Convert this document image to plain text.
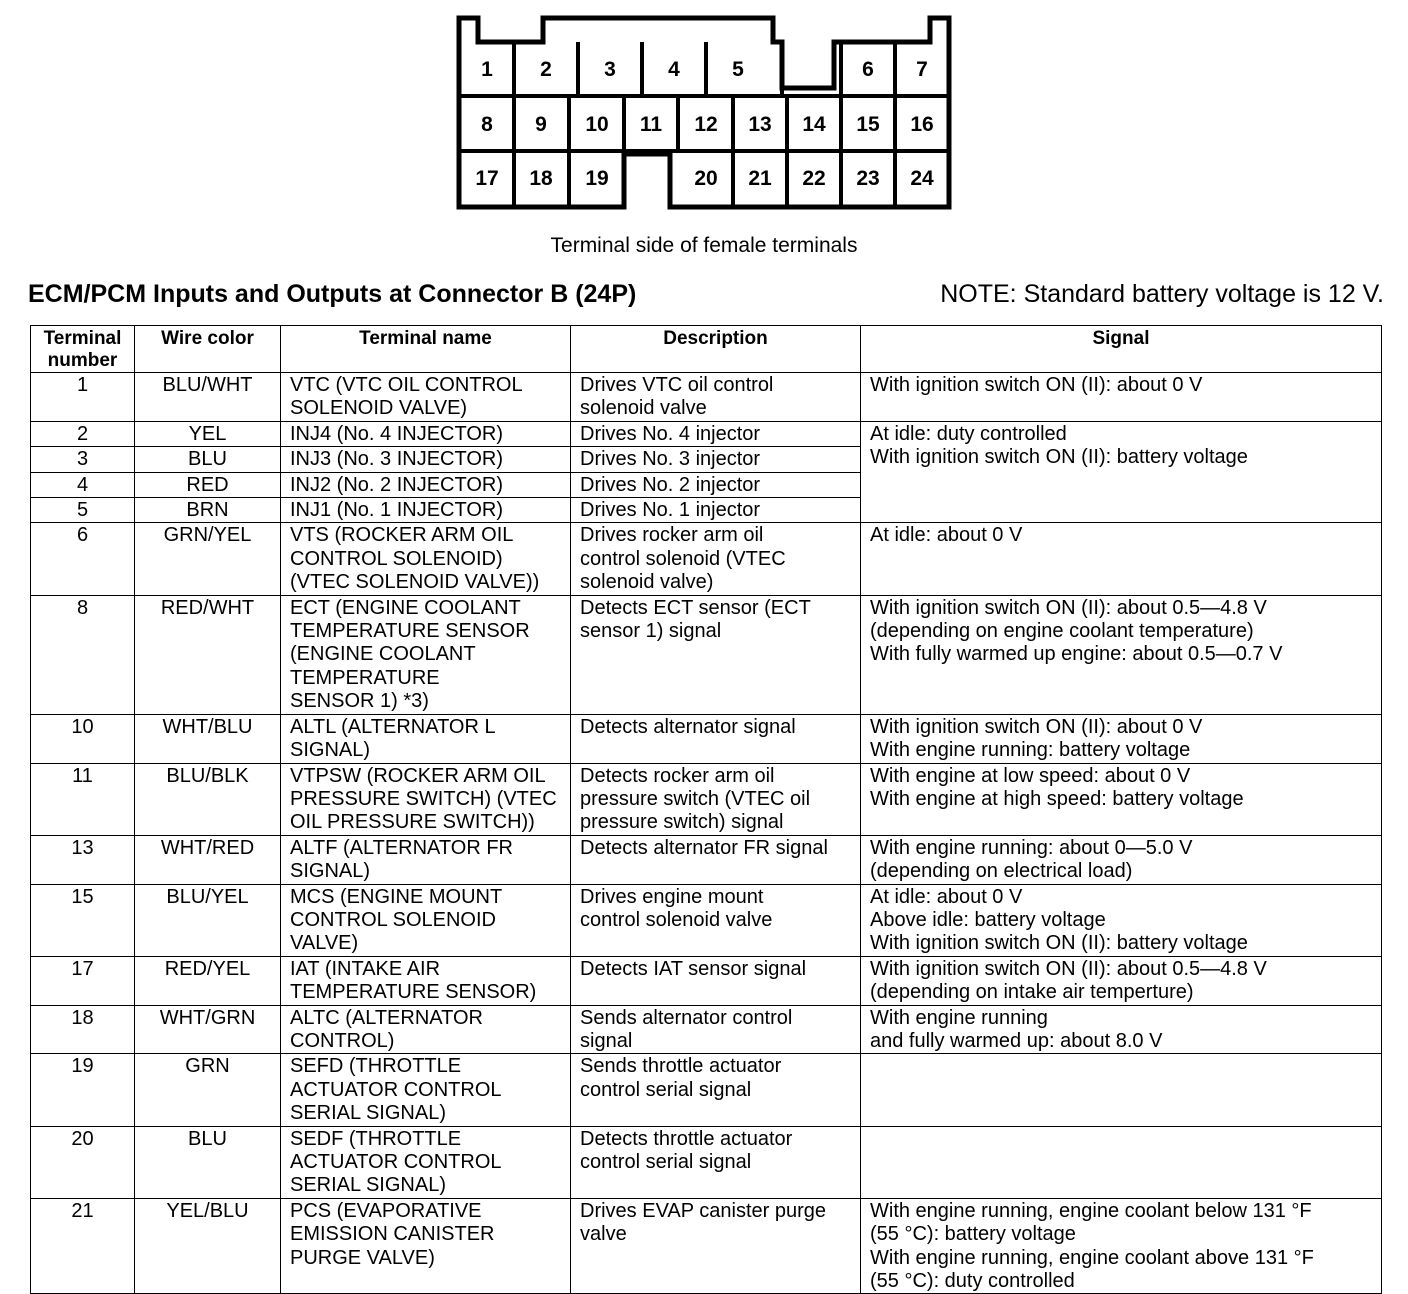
1 2 3 4 5	6 7
8 9 10 11 12 13 14 15 16
17 18 19	20 21 22 23 24
Terminal side of female terminals
ECM/PCM Inputs and Outputs at Connector B (24P)	NOTE: Standard battery voltage is 12 V.
Terminal
number	Wire color	Terminal name	Description	Signal
1	BLU/WHT	VTC (VTC OIL CONTROL
SOLENOID VALVE)	Drives VTC oil control
solenoid valve	With ignition switch ON (II): about 0 V
2	YEL	INJ4 (No. 4 INJECTOR)	Drives No. 4 injector	At idle: duty controlled
With ignition switch ON (II): battery voltage
3	BLU	INJ3 (No. 3 INJECTOR)	Drives No. 3 injector	
4	RED	INJ2 (No. 2 INJECTOR)	Drives No. 2 injector	
5	BRN	INJ1 (No. 1 INJECTOR)	Drives No. 1 injector	
6	GRN/YEL	VTS (ROCKER ARM OIL
CONTROL SOLENOID)
(VTEC SOLENOID VALVE))	Drives rocker arm oil
control solenoid (VTEC
solenoid valve)	At idle: about 0 V
8	RED/WHT	ECT (ENGINE COOLANT
TEMPERATURE SENSOR
(ENGINE COOLANT
TEMPERATURE
SENSOR 1) *3)	Detects ECT sensor (ECT
sensor 1) signal	With ignition switch ON (II): about 0.5—4.8 V
(depending on engine coolant temperature)
With fully warmed up engine: about 0.5—0.7 V
10	WHT/BLU	ALTL (ALTERNATOR L
SIGNAL)	Detects alternator signal	With ignition switch ON (II): about 0 V
With engine running: battery voltage
11	BLU/BLK	VTPSW (ROCKER ARM OIL
PRESSURE SWITCH) (VTEC
OIL PRESSURE SWITCH))	Detects rocker arm oil
pressure switch (VTEC oil
pressure switch) signal	With engine at low speed: about 0 V
With engine at high speed: battery voltage
13	WHT/RED	ALTF (ALTERNATOR FR
SIGNAL)	Detects alternator FR signal	With engine running: about 0—5.0 V
(depending on electrical load)
15	BLU/YEL	MCS (ENGINE MOUNT
CONTROL SOLENOID
VALVE)	Drives engine mount
control solenoid valve	At idle: about 0 V
Above idle: battery voltage
With ignition switch ON (II): battery voltage
17	RED/YEL	IAT (INTAKE AIR
TEMPERATURE SENSOR)	Detects IAT sensor signal	With ignition switch ON (II): about 0.5—4.8 V
(depending on intake air temperture)
18	WHT/GRN	ALTC (ALTERNATOR
CONTROL)	Sends alternator control
signal	With engine running
and fully warmed up: about 8.0 V
19	GRN	SEFD (THROTTLE
ACTUATOR CONTROL
SERIAL SIGNAL)	Sends throttle actuator
control serial signal	
20	BLU	SEDF (THROTTLE
ACTUATOR CONTROL
SERIAL SIGNAL)	Detects throttle actuator
control serial signal	
21	YEL/BLU	PCS (EVAPORATIVE
EMISSION CANISTER
PURGE VALVE)	Drives EVAP canister purge
valve	With engine running, engine coolant below 131 °F
(55 °C): battery voltage
With engine running, engine coolant above 131 °F
(55 °C): duty controlled
